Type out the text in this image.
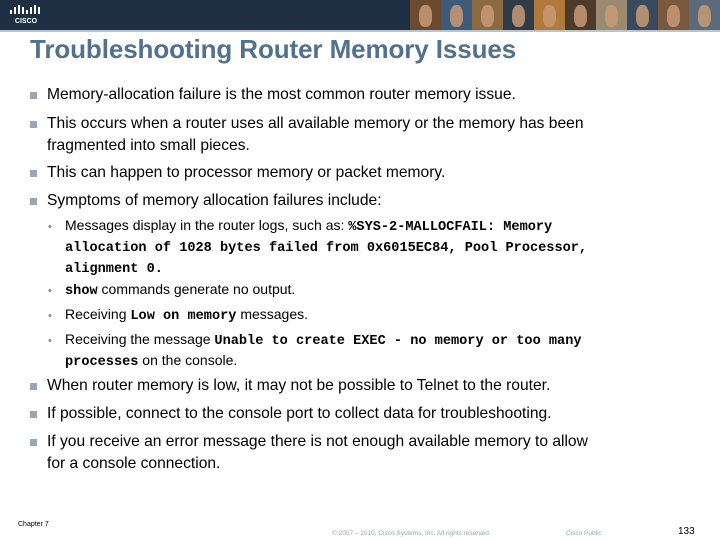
CISCO
Troubleshooting Router Memory Issues
Memory-allocation failure is the most common router memory issue.
This occurs when a router uses all available memory or the memory has been
fragmented into small pieces.
This can happen to processor memory or packet memory.
Symptoms of memory allocation failures include:
• Messages display in the router logs, such as: %SYS-2-MALLOCFAIL: Memory
allocation of 1028 bytes failed from 0x6015EC84, Pool Processor,
alignment 0.
• show commands generate no output.
• Receiving Low on memory messages.
• Receiving the message Unable to create EXEC - no memory or too many
processes on the console.
When router memory is low, it may not be possible to Telnet to the router.
If possible, connect to the console port to collect data for troubleshooting.
If you receive an error message there is not enough available memory to allow
for a console connection.
Chapter 7
© 2007 – 2010, Cisco Systems, Inc. All rights reserved.	Cisco Public	133
